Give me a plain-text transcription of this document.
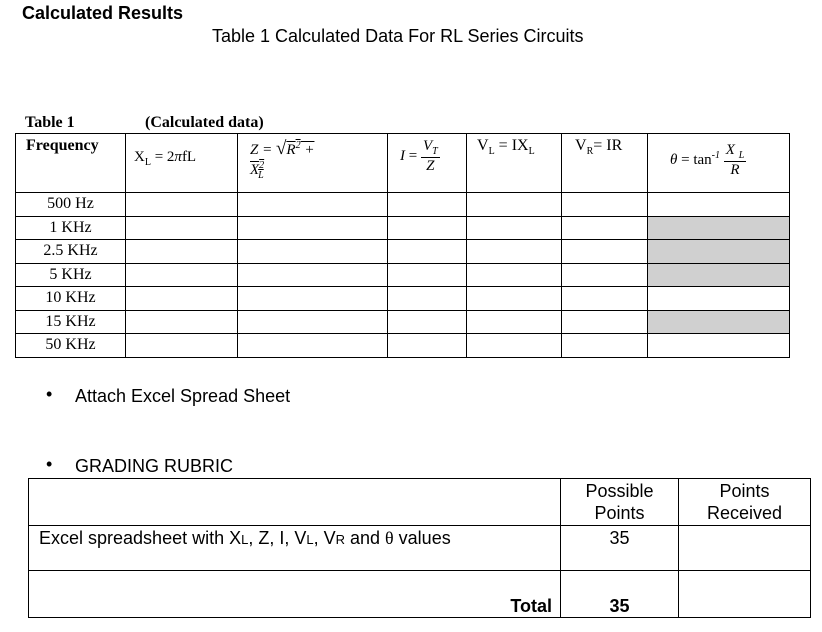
Calculated Results
Table 1 Calculated Data For RL Series Circuits
Table 1	(Calculated data)
Frequency	$X_L = 2\pi fL$	$Z = √R^2 + X^2_L$	$I = \frac{V_T}{Z}$	$V_L = IX_L$	$V_R=$ IR	$\theta = \tan^{-1} \frac{X _L}{R}$

500 Hz						
1 KHz						
2.5 KHz						
5 KHz						
10 KHz						
15 KHz						
50 KHz						
• Attach Excel Spread Sheet
• GRADING RUBRIC
	Possible Points	Points Received
Excel spreadsheet with XL, Z, I, VL, VR and θ values	35	
Total	35	
